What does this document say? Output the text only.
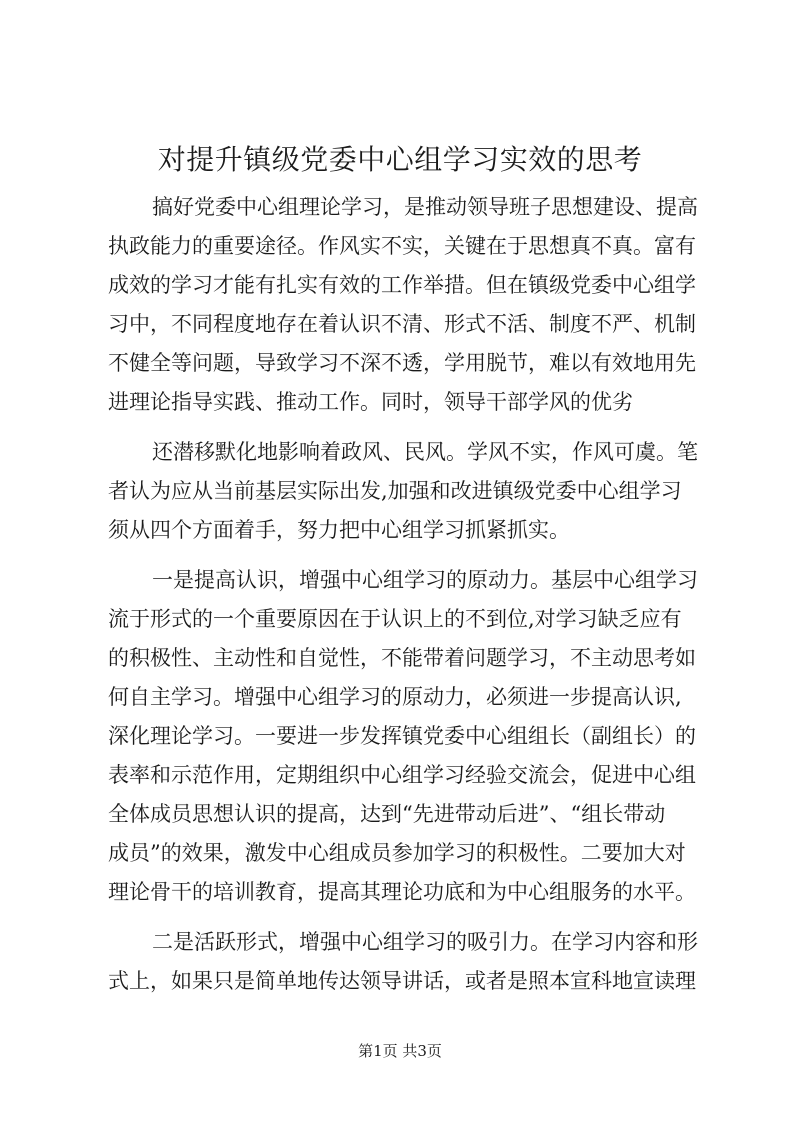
对提升镇级党委中心组学习实效的思考
搞好党委中心组理论学习，是推动领导班子思想建设、提高
执政能力的重要途径。作风实不实，关键在于思想真不真。富有
成效的学习才能有扎实有效的工作举措。但在镇级党委中心组学
习中，不同程度地存在着认识不清、形式不活、制度不严、机制
不健全等问题，导致学习不深不透，学用脱节，难以有效地用先
进理论指导实践、推动工作。同时，领导干部学风的优劣
还潜移默化地影响着政风、民风。学风不实，作风可虞。笔
者认为应从当前基层实际出发,加强和改进镇级党委中心组学习
须从四个方面着手，努力把中心组学习抓紧抓实。
一是提高认识，增强中心组学习的原动力。基层中心组学习
流于形式的一个重要原因在于认识上的不到位,对学习缺乏应有
的积极性、主动性和自觉性，不能带着问题学习，不主动思考如
何自主学习。增强中心组学习的原动力，必须进一步提高认识,
深化理论学习。一要进一步发挥镇党委中心组组长（副组长）的
表率和示范作用，定期组织中心组学习经验交流会，促进中心组
全体成员思想认识的提高，达到“先进带动后进”、“组长带动
成员”的效果，激发中心组成员参加学习的积极性。二要加大对
理论骨干的培训教育，提高其理论功底和为中心组服务的水平。
二是活跃形式，增强中心组学习的吸引力。在学习内容和形
式上，如果只是简单地传达领导讲话，或者是照本宣科地宣读理
第1页 共3页
